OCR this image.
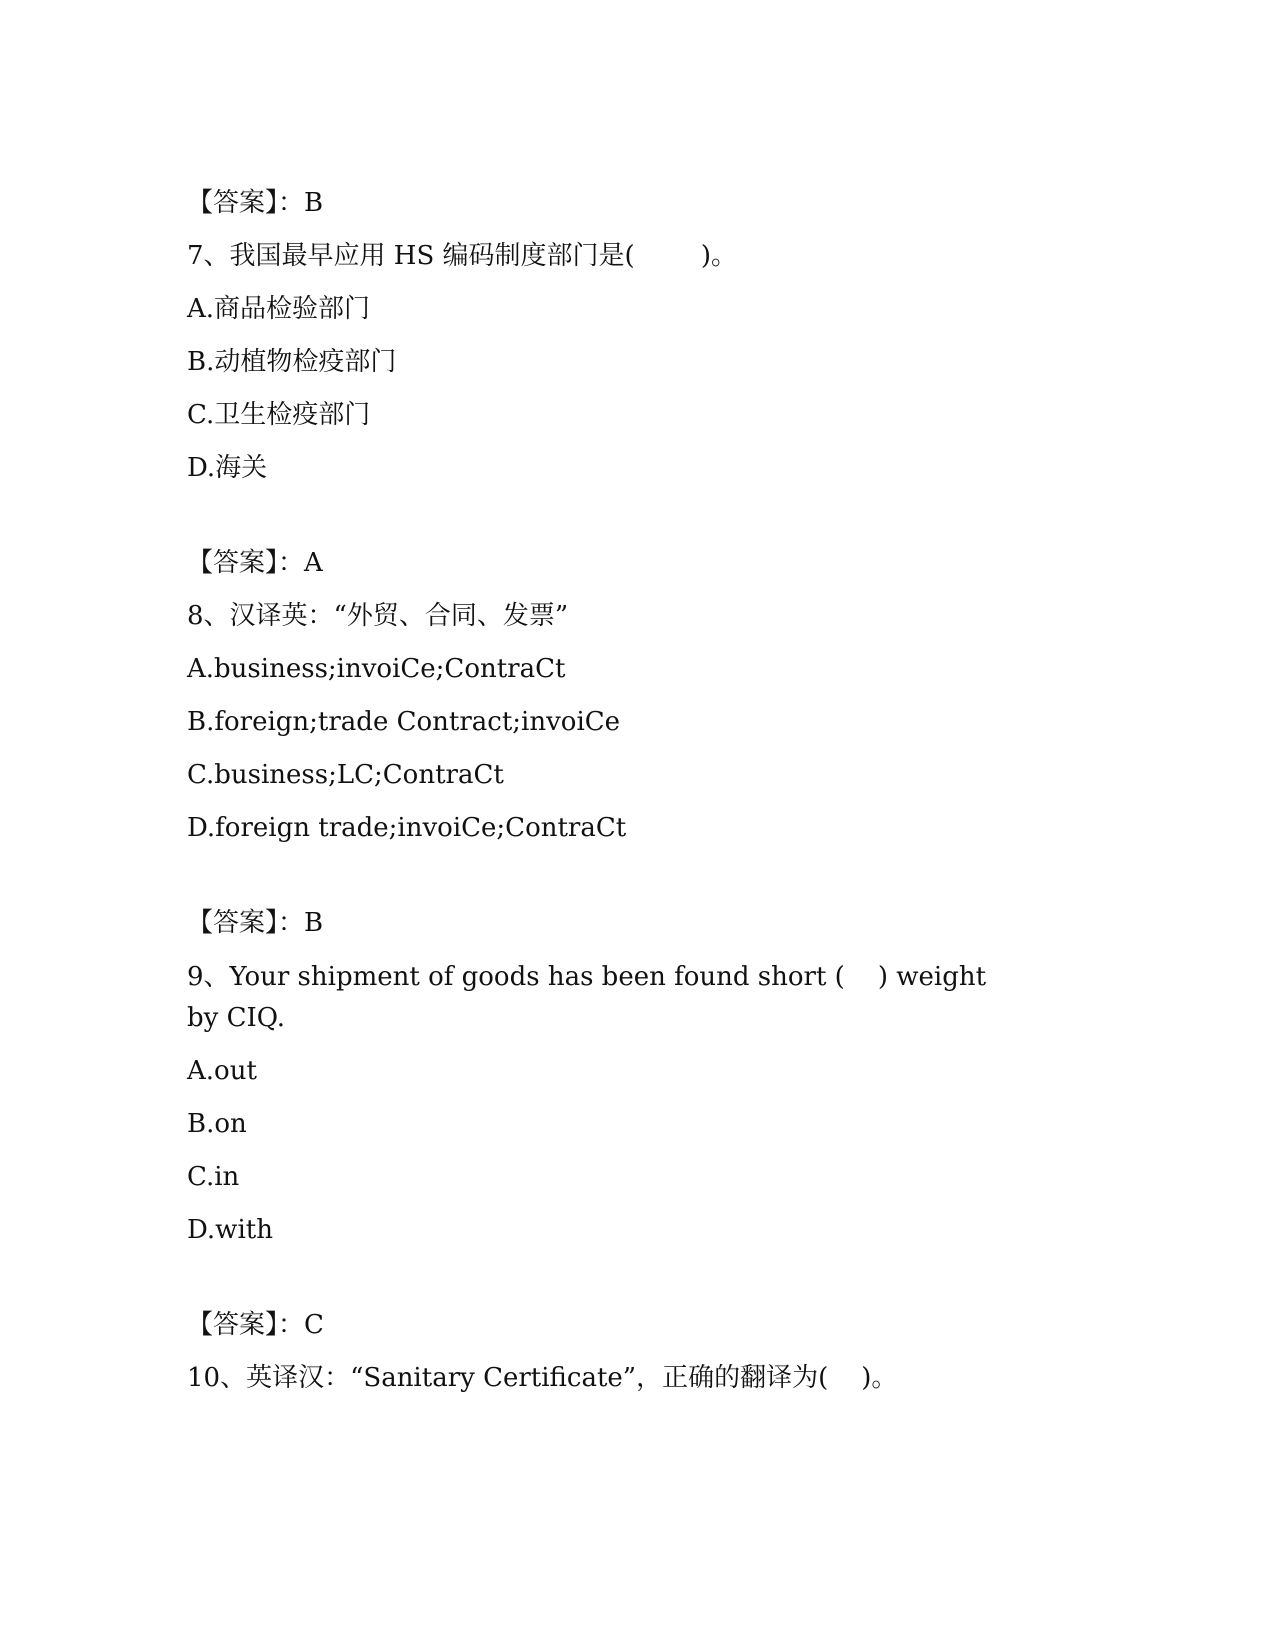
【答案】：B
7、我国最早应用 HS 编码制度部门是(        )。
A.商品检验部门
B.动植物检疫部门
C.卫生检疫部门
D.海关
【答案】：A
8、汉译英：“外贸、合同、发票”
A.business;invoiCe;ContraCt
B.foreign;trade Contract;invoiCe
C.business;LC;ContraCt
D.foreign trade;invoiCe;ContraCt
【答案】：B
9、Your shipment of goods has been found short (    ) weight
by CIQ.
A.out
B.on
C.in
D.with
【答案】：C
10、英译汉：“Sanitary Certificate”，正确的翻译为(    )。
